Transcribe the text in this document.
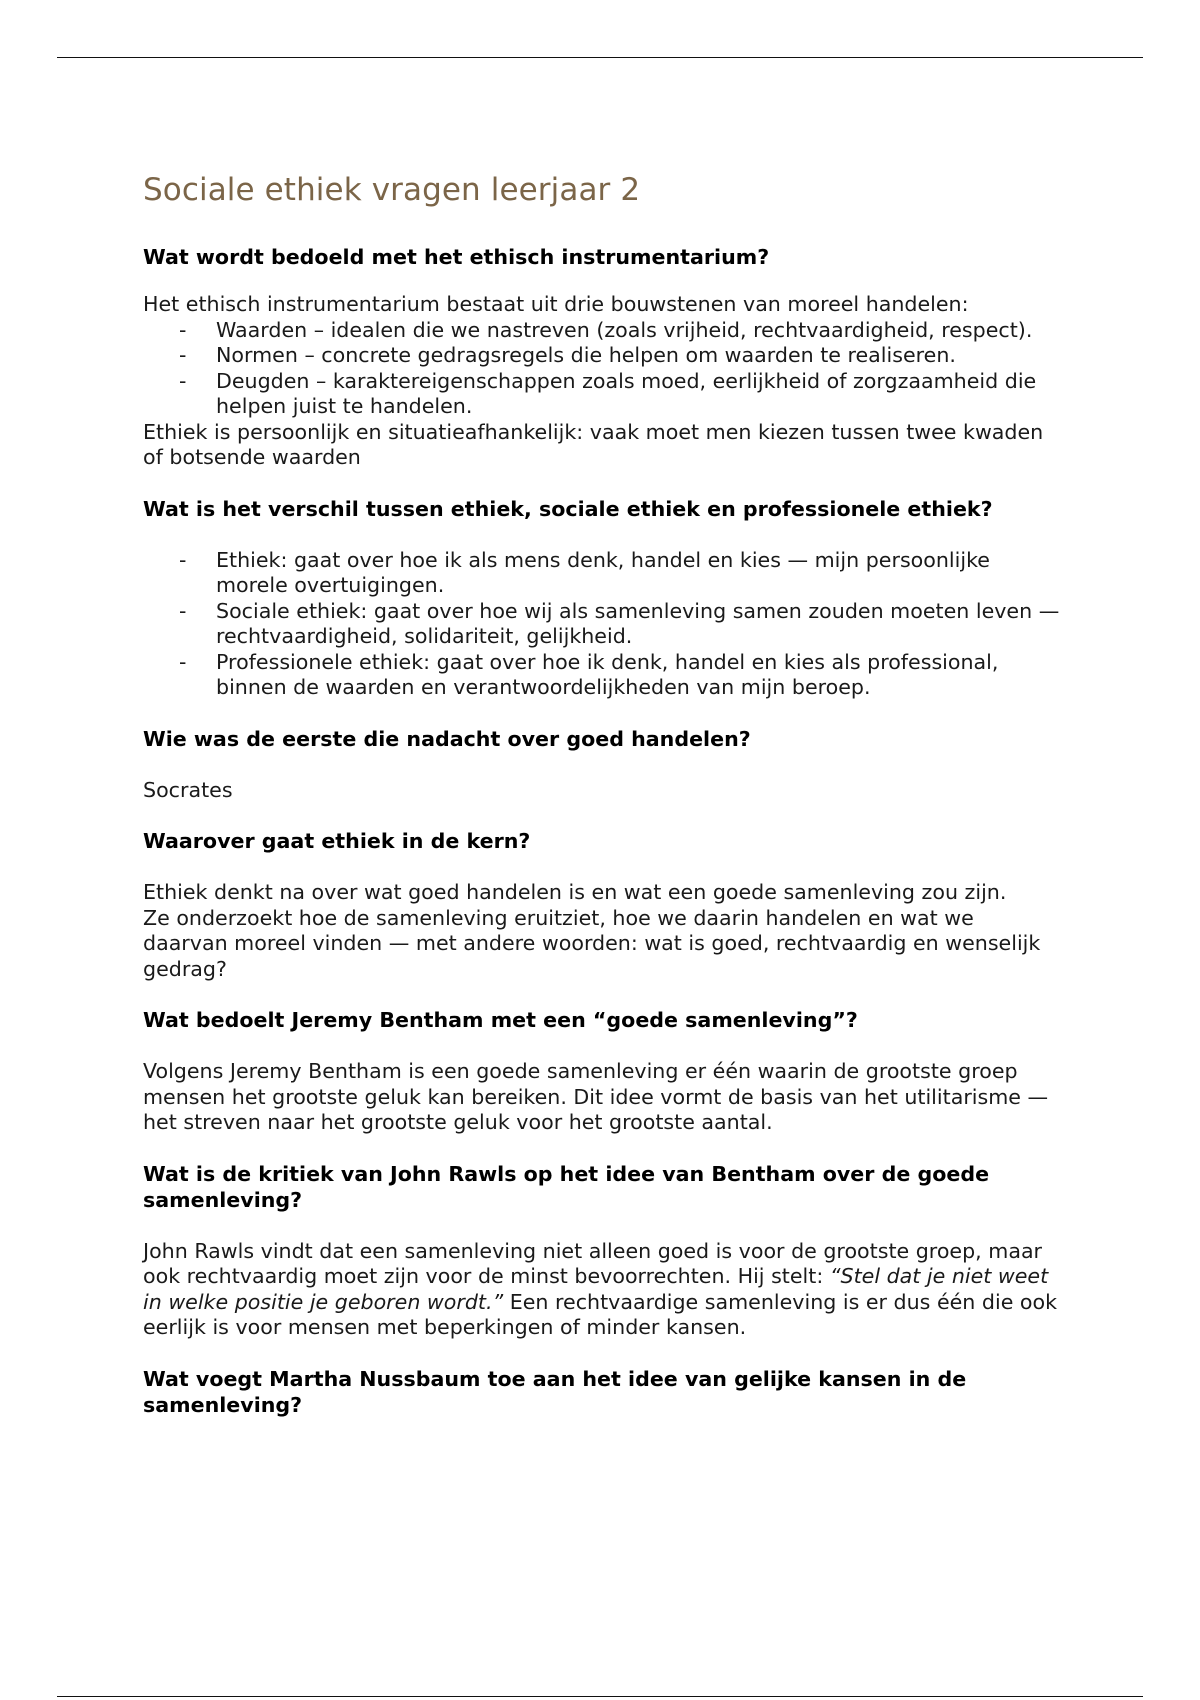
Sociale ethiek vragen leerjaar 2
Wat wordt bedoeld met het ethisch instrumentarium?

Het ethisch instrumentarium bestaat uit drie bouwstenen van moreel handelen:

- Waarden – idealen die we nastreven (zoals vrijheid, rechtvaardigheid, respect).
- Normen – concrete gedragsregels die helpen om waarden te realiseren.
- Deugden – karaktereigenschappen zoals moed, eerlijkheid of zorgzaamheid die helpen juist te handelen.

Ethiek is persoonlijk en situatieafhankelijk: vaak moet men kiezen tussen twee kwaden of botsende waarden

Wat is het verschil tussen ethiek, sociale ethiek en professionele ethiek?
- Ethiek: gaat over hoe ik als mens denk, handel en kies — mijn persoonlijke morele overtuigingen.
- Sociale ethiek: gaat over hoe wij als samenleving samen zouden moeten leven — rechtvaardigheid, solidariteit, gelijkheid.
- Professionele ethiek: gaat over hoe ik denk, handel en kies als professional, binnen de waarden en verantwoordelijkheden van mijn beroep.
Wie was de eerste die nadacht over goed handelen?

Socrates

Waarover gaat ethiek in de kern?

Ethiek denkt na over wat goed handelen is en wat een goede samenleving zou zijn.

Ze onderzoekt hoe de samenleving eruitziet, hoe we daarin handelen en wat we daarvan moreel vinden — met andere woorden: wat is goed, rechtvaardig en wenselijk gedrag?

Wat bedoelt Jeremy Bentham met een “goede samenleving”?

Volgens Jeremy Bentham is een goede samenleving er één waarin de grootste groep mensen het grootste geluk kan bereiken. Dit idee vormt de basis van het utilitarisme — het streven naar het grootste geluk voor het grootste aantal.

Wat is de kritiek van John Rawls op het idee van Bentham over de goede samenleving?

John Rawls vindt dat een samenleving niet alleen goed is voor de grootste groep, maar ook rechtvaardig moet zijn voor de minst bevoorrechten. Hij stelt: “Stel dat je niet weet in welke positie je geboren wordt.” Een rechtvaardige samenleving is er dus één die ook eerlijk is voor mensen met beperkingen of minder kansen.

Wat voegt Martha Nussbaum toe aan het idee van gelijke kansen in de samenleving?
